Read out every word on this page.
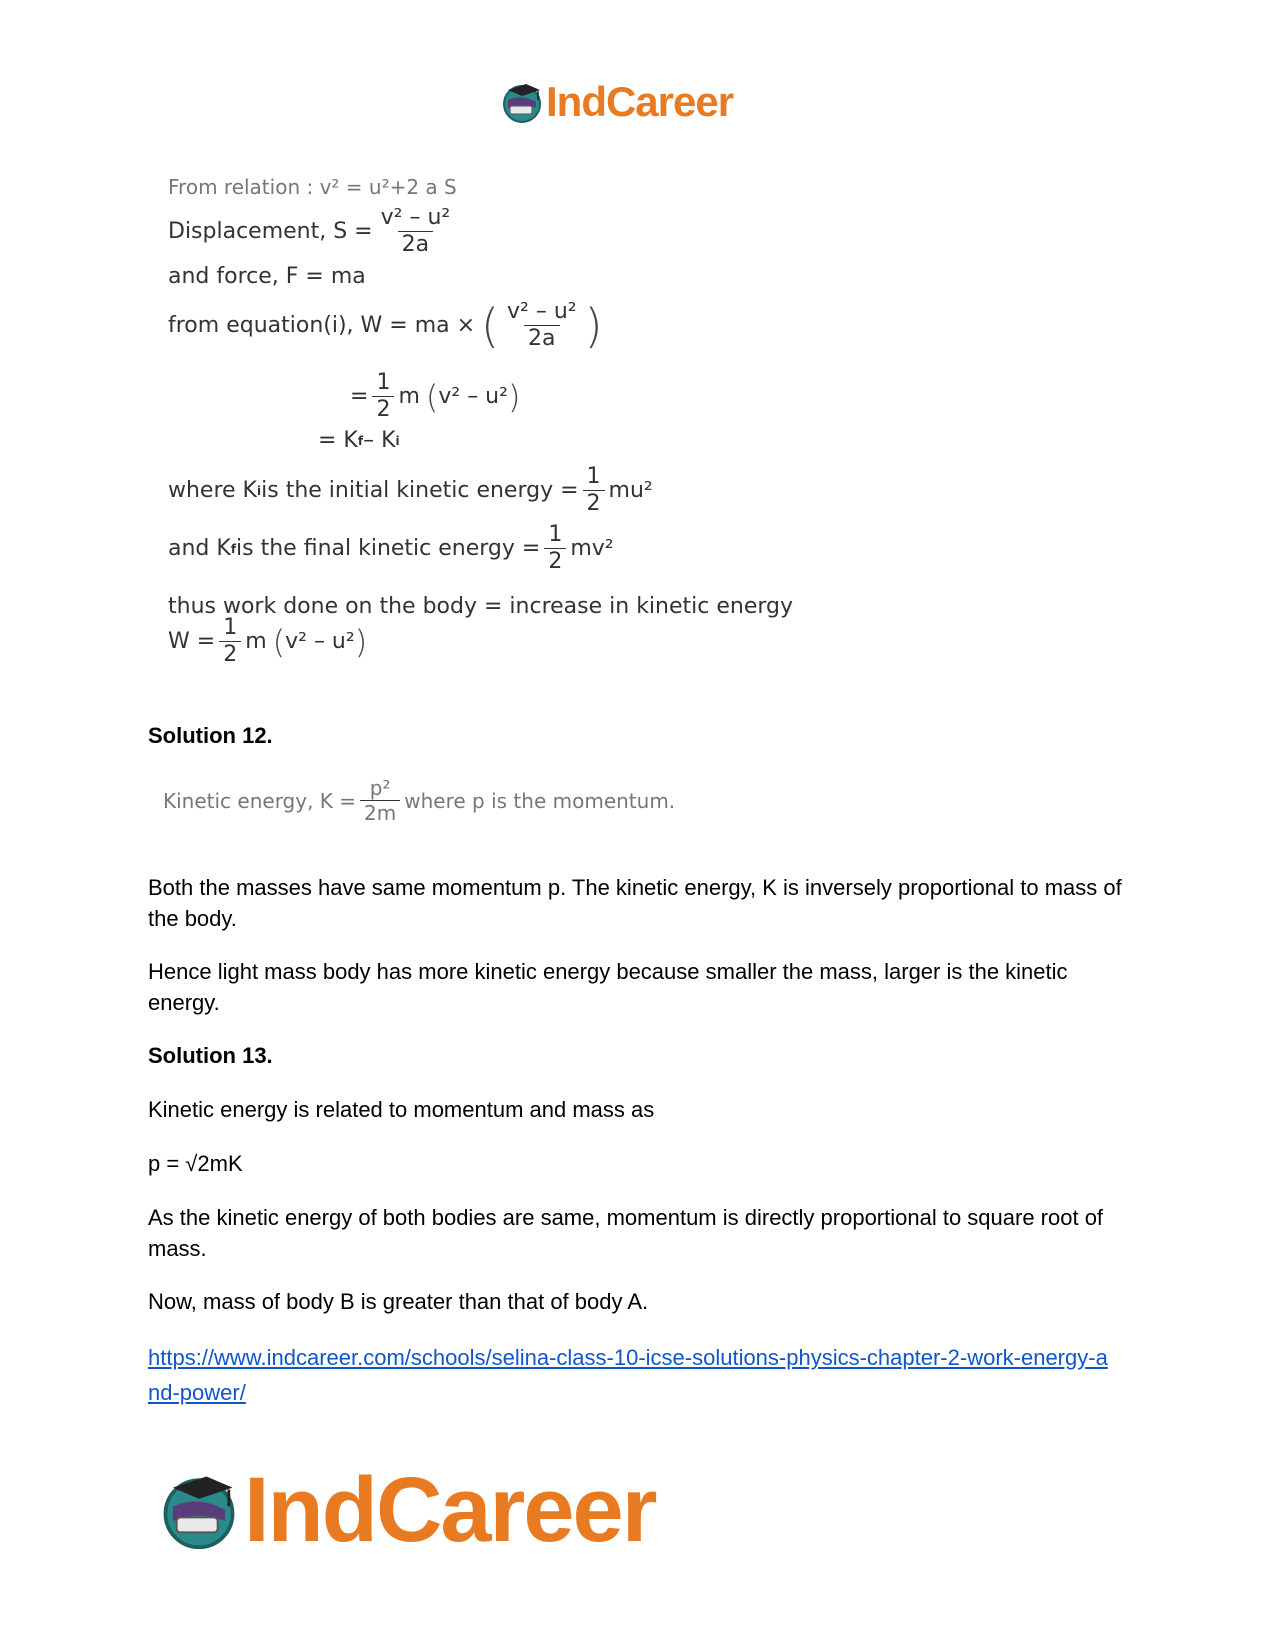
IndCareer
From relation : v² = u²+2 a S
Displacement, $S = \frac{\text{v² – u²}}{2a}$
and force, F = ma
from equation(i), W = ma × ( $\frac{\text{v² – u²}}{2a}$ )
= $\frac{1}{2}$ m ( v² – u² )
= K f – K i
where K i is the initial kinetic energy = $\frac{1}{2} mu^2$
and K f is the final kinetic energy = $\frac{1}{2} mv^2$
thus work done on the body = increase in kinetic energy
$W = \frac{1}{2}$ m ( v² – u² )
Solution 12.
Kinetic energy, $K = \frac{\text{p²}}{2m}$ where p is the momentum.
Both the masses have same momentum p. The kinetic energy, K is inversely proportional to mass of the body.
Hence light mass body has more kinetic energy because smaller the mass, larger is the kinetic energy.
Solution 13.
Kinetic energy is related to momentum and mass as
p = √2mK
As the kinetic energy of both bodies are same, momentum is directly proportional to square root of mass.
Now, mass of body B is greater than that of body A.
https://www.indcareer.com/schools/selina-class-10-icse-solutions-physics-chapter-2-work-energy-and-power/
IndCareer
